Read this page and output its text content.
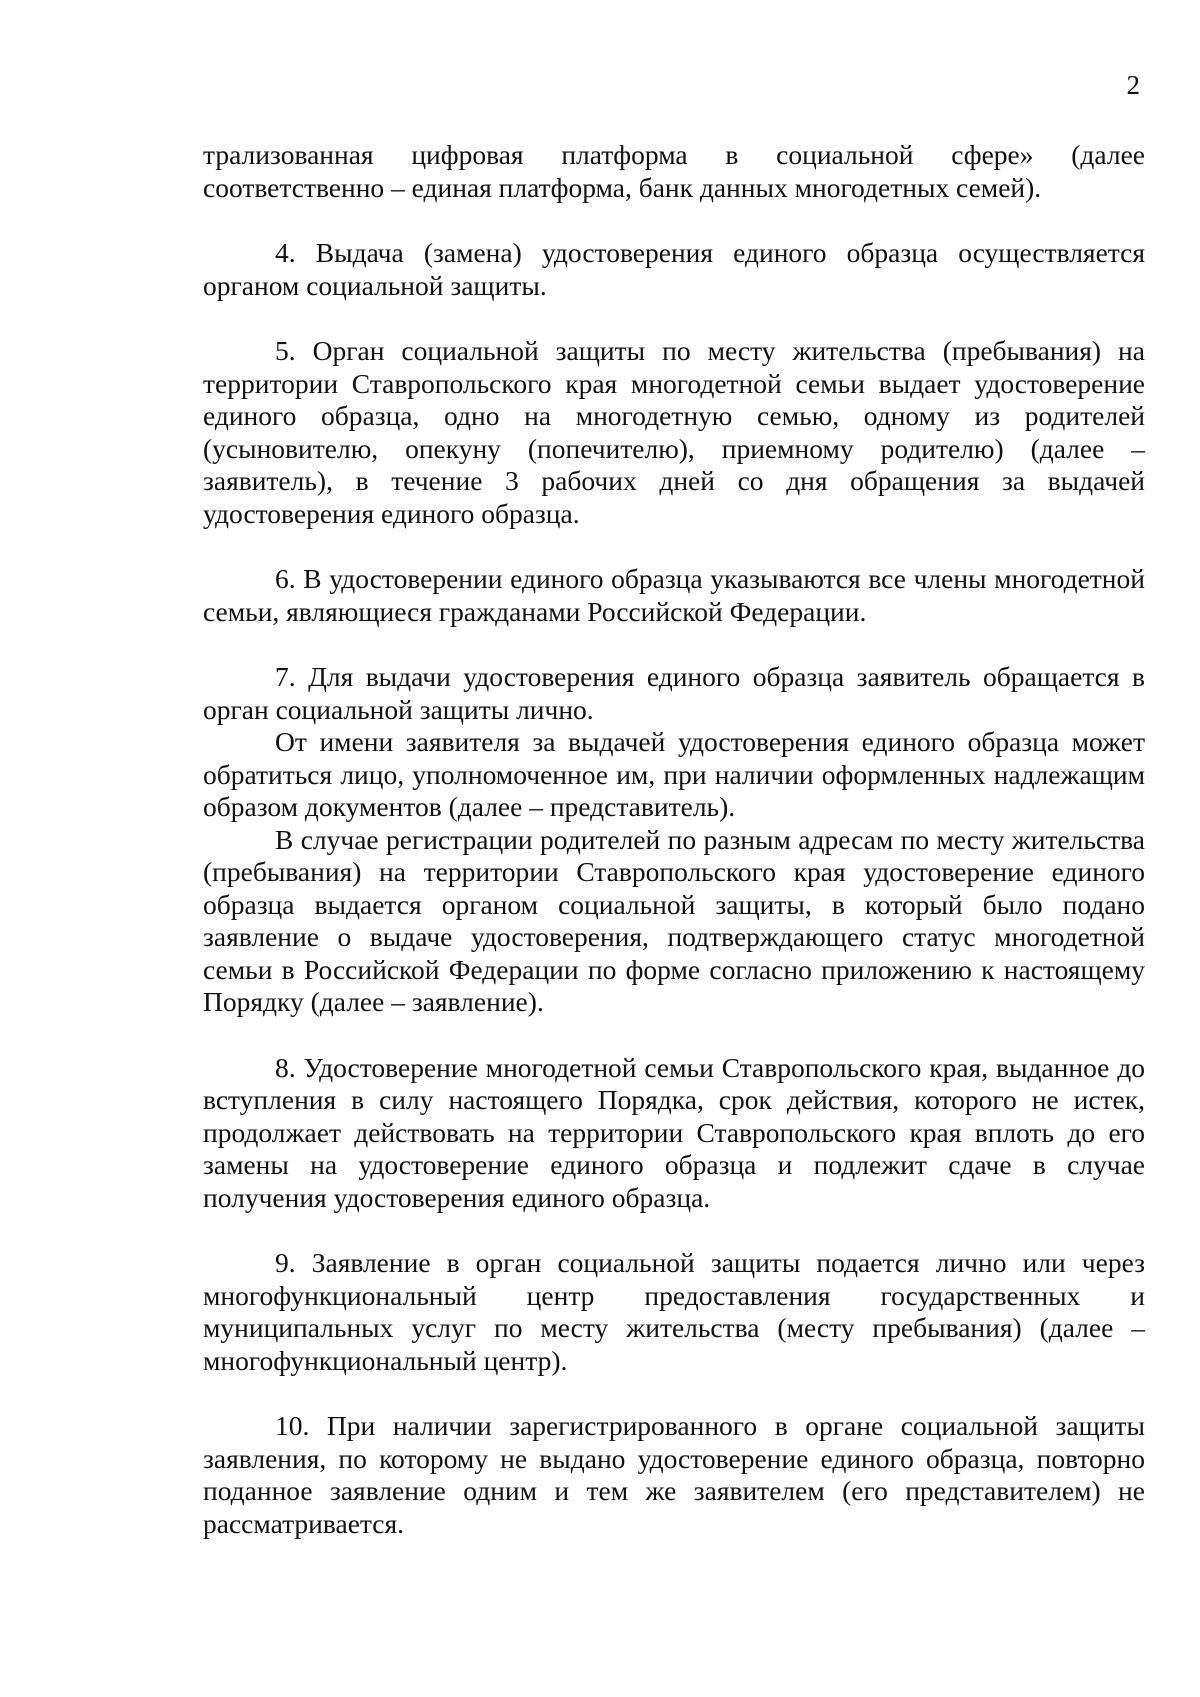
2

трализованная цифровая платформа в социальной сфере» (далее соответственно – единая платформа, банк данных многодетных семей).

4. Выдача (замена) удостоверения единого образца осуществляется органом социальной защиты.

5. Орган социальной защиты по месту жительства (пребывания) на территории Ставропольского края многодетной семьи выдает удостоверение единого образца, одно на многодетную семью, одному из родителей (усыновителю, опекуну (попечителю), приемному родителю) (далее – заявитель), в течение 3 рабочих дней со дня обращения за выдачей удостоверения единого образца.

6. В удостоверении единого образца указываются все члены многодетной семьи, являющиеся гражданами Российской Федерации.

7. Для выдачи удостоверения единого образца заявитель обращается в орган социальной защиты лично.

От имени заявителя за выдачей удостоверения единого образца может обратиться лицо, уполномоченное им, при наличии оформленных надлежащим образом документов (далее – представитель).

В случае регистрации родителей по разным адресам по месту жительства (пребывания) на территории Ставропольского края удостоверение единого образца выдается органом социальной защиты, в который было подано заявление о выдаче удостоверения, подтверждающего статус многодетной семьи в Российской Федерации по форме согласно приложению к настоящему Порядку (далее – заявление).

8. Удостоверение многодетной семьи Ставропольского края, выданное до вступления в силу настоящего Порядка, срок действия, которого не истек, продолжает действовать на территории Ставропольского края вплоть до его замены на удостоверение единого образца и подлежит сдаче в случае получения удостоверения единого образца.

9. Заявление в орган социальной защиты подается лично или через многофункциональный центр предоставления государственных и муниципальных услуг по месту жительства (месту пребывания) (далее – многофункциональный центр).

10. При наличии зарегистрированного в органе социальной защиты заявления, по которому не выдано удостоверение единого образца, повторно поданное заявление одним и тем же заявителем (его представителем) не рассматривается.
